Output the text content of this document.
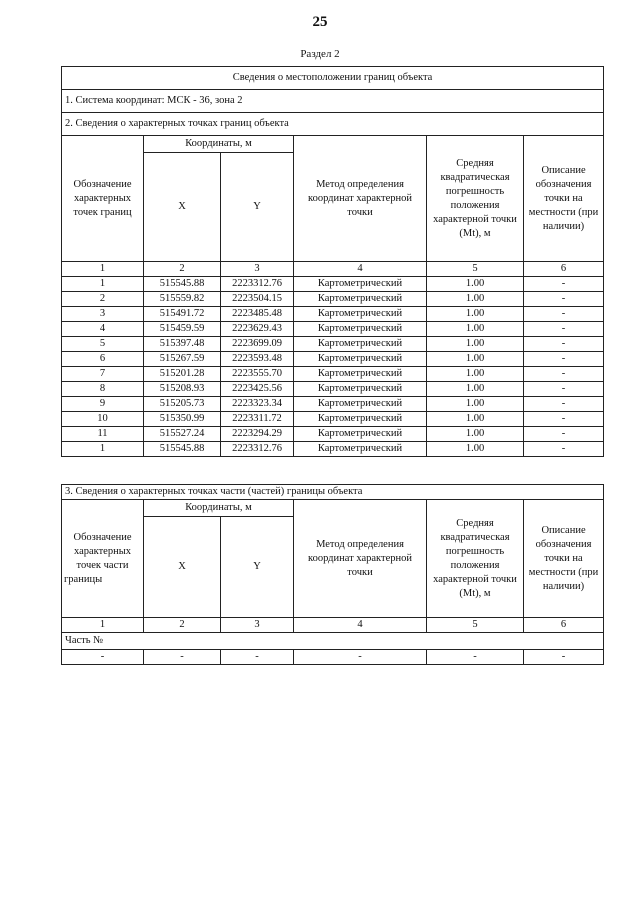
25
Раздел 2
Сведения о местоположении границ объекта					
1. Система координат: МСК - 36, зона 2					
2. Сведения о характерных точках границ объекта					
Обозначение характерных точек границ	Координаты, м		Метод определения координат характерной точки	Средняя квадратическая погрешность положения характерной точки (Mt), м	Описание обозначения точки на местности (при наличии)
	X	Y			
1	2	3	4	5	6
1	515545.88	2223312.76	Картометрический	1.00	-
2	515559.82	2223504.15	Картометрический	1.00	-
3	515491.72	2223485.48	Картометрический	1.00	-
4	515459.59	2223629.43	Картометрический	1.00	-
5	515397.48	2223699.09	Картометрический	1.00	-
6	515267.59	2223593.48	Картометрический	1.00	-
7	515201.28	2223555.70	Картометрический	1.00	-
8	515208.93	2223425.56	Картометрический	1.00	-
9	515205.73	2223323.34	Картометрический	1.00	-
10	515350.99	2223311.72	Картометрический	1.00	-
11	515527.24	2223294.29	Картометрический	1.00	-
1	515545.88	2223312.76	Картометрический	1.00	-
3. Сведения о характерных точках части (частей) границы объекта					
Обозначение характерных точек части границы	Координаты, м		Метод определения координат характерной точки	Средняя квадратическая погрешность положения характерной точки (Mt), м	Описание обозначения точки на местности (при наличии)
	X	Y			
1	2	3	4	5	6
Часть №					
-	-	-	-	-	-
